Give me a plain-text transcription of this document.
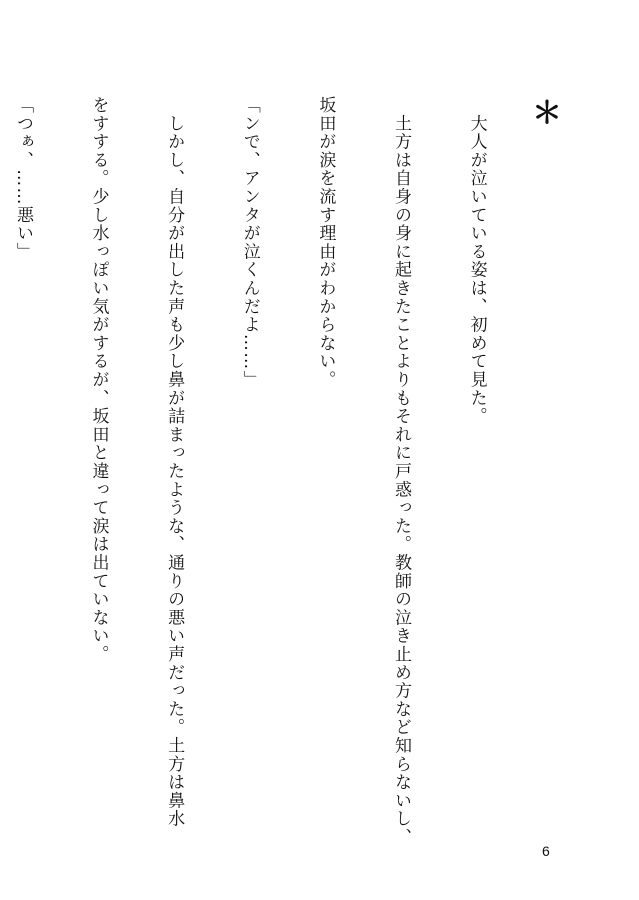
＊

　大人が泣いている姿は、初めて見た。

　土方は自身の身に起きたことよりもそれに戸惑った。教師の泣き止め方など知らないし、

坂田が涙を流す理由がわからない。

「ンで、アンタが泣くんだよ……」

　しかし、自分が出した声も少し鼻が詰まったような、通りの悪い声だった。土方は鼻水

をすする。少し水っぽい気がするが、坂田と違って涙は出ていない。

「つぁ、……悪い」

6
